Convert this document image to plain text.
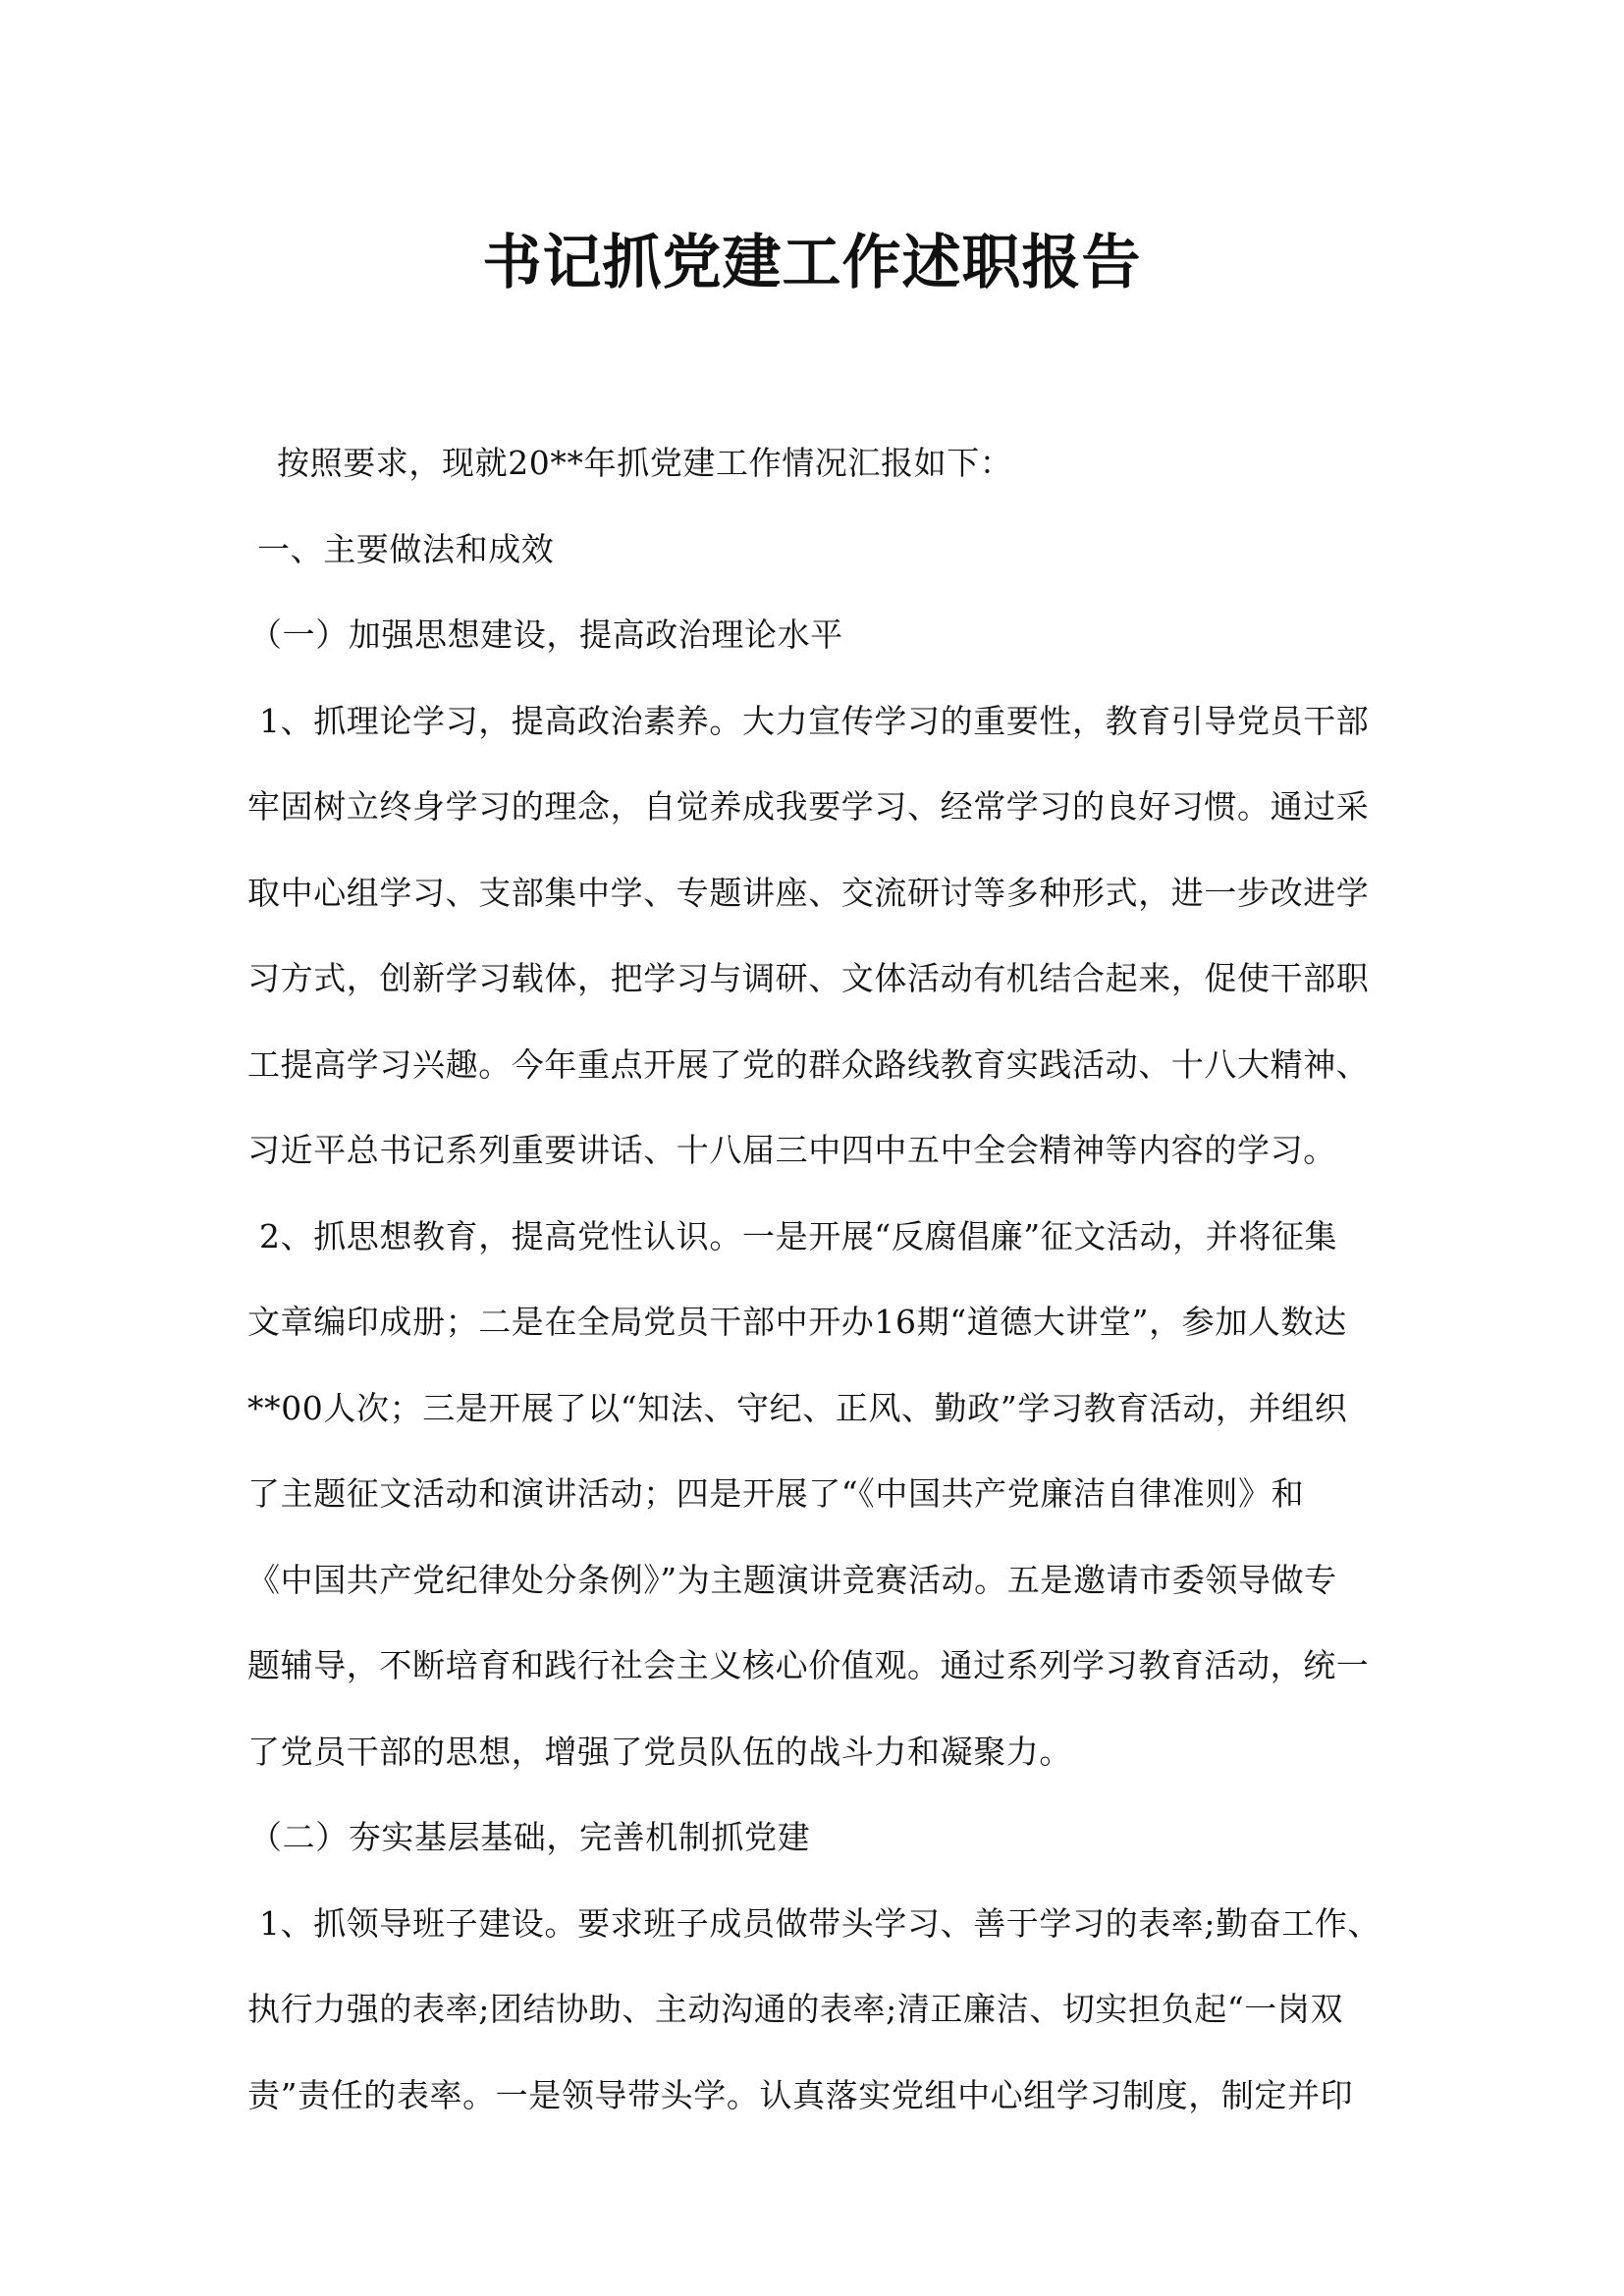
书记抓党建工作述职报告
按照要求，现就20**年抓党建工作情况汇报如下：
一、主要做法和成效
（一）加强思想建设，提高政治理论水平
1、抓理论学习，提高政治素养。大力宣传学习的重要性，教育引导党员干部
牢固树立终身学习的理念，自觉养成我要学习、经常学习的良好习惯。通过采
取中心组学习、支部集中学、专题讲座、交流研讨等多种形式，进一步改进学
习方式，创新学习载体，把学习与调研、文体活动有机结合起来，促使干部职
工提高学习兴趣。今年重点开展了党的群众路线教育实践活动、十八大精神、
习近平总书记系列重要讲话、十八届三中四中五中全会精神等内容的学习。
2、抓思想教育，提高党性认识。一是开展“反腐倡廉”征文活动，并将征集
文章编印成册；二是在全局党员干部中开办16期“道德大讲堂”，参加人数达
**00人次；三是开展了以“知法、守纪、正风、勤政”学习教育活动，并组织
了主题征文活动和演讲活动；四是开展了“《中国共产党廉洁自律准则》和
《中国共产党纪律处分条例》”为主题演讲竞赛活动。五是邀请市委领导做专
题辅导，不断培育和践行社会主义核心价值观。通过系列学习教育活动，统一
了党员干部的思想，增强了党员队伍的战斗力和凝聚力。
（二）夯实基层基础，完善机制抓党建
1、抓领导班子建设。要求班子成员做带头学习、善于学习的表率;勤奋工作、
执行力强的表率;团结协助、主动沟通的表率;清正廉洁、切实担负起“一岗双
责”责任的表率。一是领导带头学。认真落实党组中心组学习制度，制定并印
